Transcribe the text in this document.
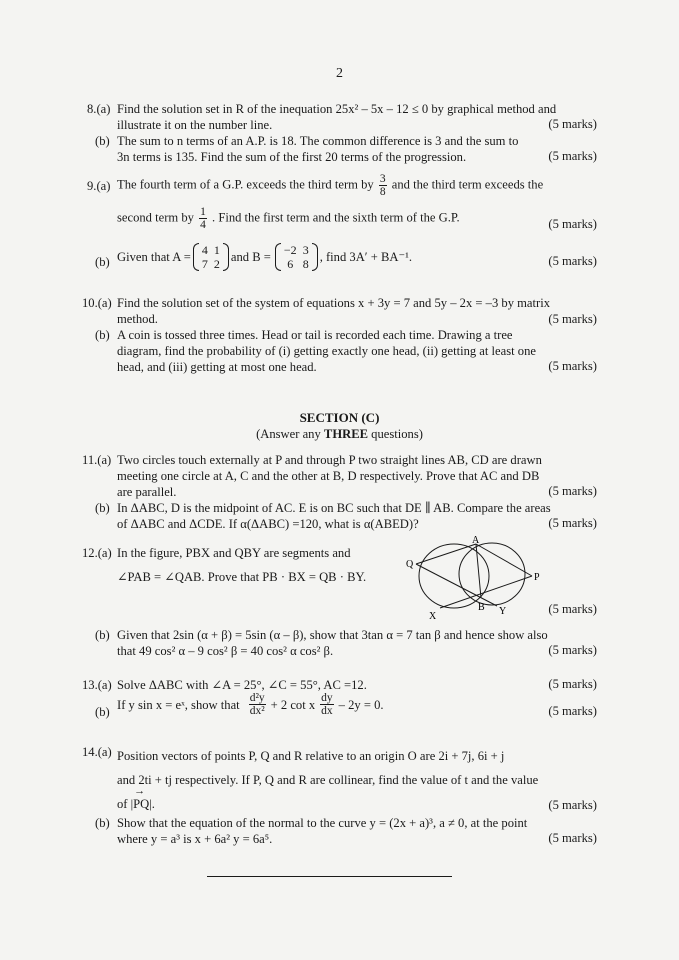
2
8.(a) Find the solution set in R of the inequation 25x² – 5x – 12 ≤ 0 by graphical method and
illustrate it on the number line.	(5 marks)
(b) The sum to n terms of an A.P. is 18. The common difference is 3 and the sum to
3n terms is 135. Find the sum of the first 20 terms of the progression.	(5 marks)
9.(a) The fourth term of a G.P. exceeds the third term by $\frac{3}{8}$ and the third term exceeds the
second term by $\frac{1}{4}$ . Find the first term and the sixth term of the G.P.	(5 marks)
(b) Given that A = 4	1
7	2 and B = −2	3
6	8 , find 3A′ + BA⁻¹.	(5 marks)
10.(a) Find the solution set of the system of equations x + 3y = 7 and 5y – 2x = –3 by matrix
method.	(5 marks)
(b) A coin is tossed three times. Head or tail is recorded each time. Drawing a tree
diagram, find the probability of (i) getting exactly one head, (ii) getting at least one
head, and (iii) getting at most one head.	(5 marks)
SECTION (C)
(Answer any THREE questions)
11.(a) Two circles touch externally at P and through P two straight lines AB, CD are drawn
meeting one circle at A, C and the other at B, D respectively. Prove that AC and DB
are parallel.	(5 marks)
(b) In ΔABC, D is the midpoint of AC. E is on BC such that DE ∥ AB. Compare the areas
of ΔABC and ΔCDE. If α(ΔABC) =120, what is α(ABED)?	(5 marks)
12.(a) In the figure, PBX and QBY are segments and
∠PAB = ∠QAB. Prove that PB · BX = QB · BY.
A
Q
P
X
B Y	(5 marks)
(b) Given that 2sin (α + β) = 5sin (α – β), show that 3tan α = 7 tan β and hence show also
that 49 cos² α – 9 cos² β = 40 cos² α cos² β.	(5 marks)
13.(a) Solve ΔABC with ∠A = 25°, ∠C = 55°, AC =12.	(5 marks)
(b)
If y sin x = eˣ, show that $\frac{\text{d²y}}{\text{dx²}} + 2$ cot x $\frac{dy}{dx} - 2y = 0$.	(5 marks)
14.(a) Position vectors of points P, Q and R relative to an origin O are 2i + 7j, 6i + j
and 2ti + tj respectively. If P, Q and R are collinear, find the value of t and the value
of |→ PQ|.	(5 marks)
(b) Show that the equation of the normal to the curve y = (2x + a)³, a ≠ 0, at the point
where y = a³ is x + 6a² y = 6a⁵.	(5 marks)
